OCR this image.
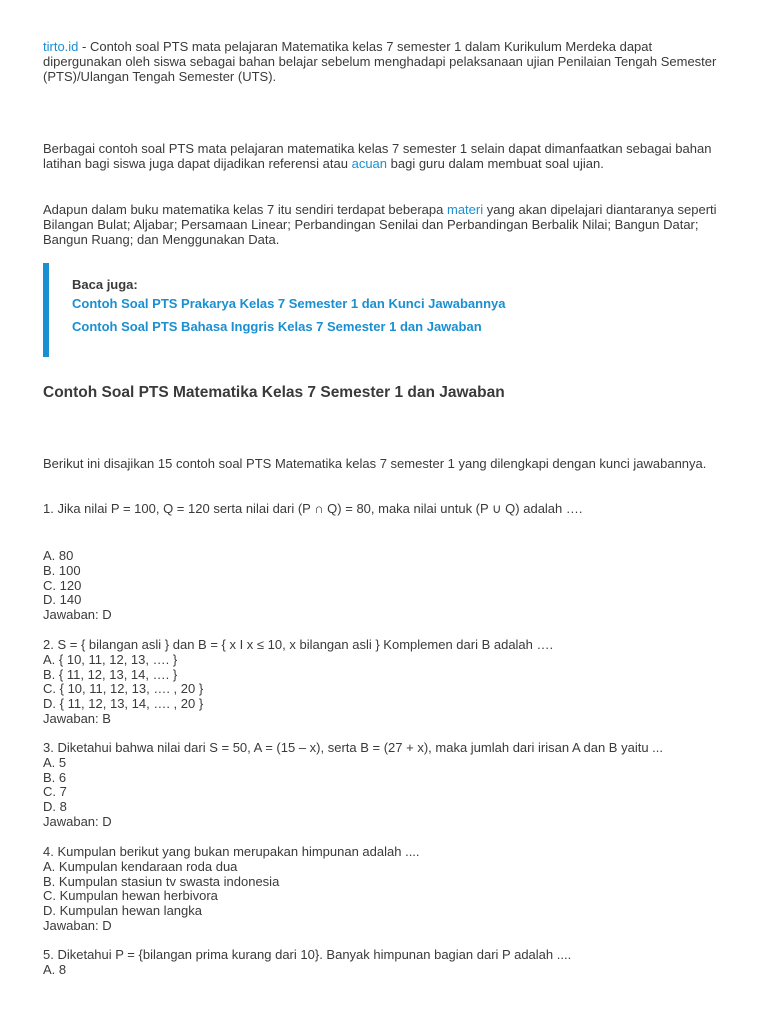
tirto.id - Contoh soal PTS mata pelajaran Matematika kelas 7 semester 1 dalam Kurikulum Merdeka dapat dipergunakan oleh siswa sebagai bahan belajar sebelum menghadapi pelaksanaan ujian Penilaian Tengah Semester (PTS)/Ulangan Tengah Semester (UTS).

Berbagai contoh soal PTS mata pelajaran matematika kelas 7 semester 1 selain dapat dimanfaatkan sebagai bahan latihan bagi siswa juga dapat dijadikan referensi atau acuan bagi guru dalam membuat soal ujian.

Adapun dalam buku matematika kelas 7 itu sendiri terdapat beberapa materi yang akan dipelajari diantaranya seperti Bilangan Bulat; Aljabar; Persamaan Linear; Perbandingan Senilai dan Perbandingan Berbalik Nilai; Bangun Datar; Bangun Ruang; dan Menggunakan Data.

Baca juga:
Contoh Soal PTS Prakarya Kelas 7 Semester 1 dan Kunci Jawabannya
Contoh Soal PTS Bahasa Inggris Kelas 7 Semester 1 dan Jawaban
Contoh Soal PTS Matematika Kelas 7 Semester 1 dan Jawaban

Berikut ini disajikan 15 contoh soal PTS Matematika kelas 7 semester 1 yang dilengkapi dengan kunci jawabannya.

1. Jika nilai P = 100, Q = 120 serta nilai dari (P ∩ Q) = 80, maka nilai untuk (P ∪ Q) adalah ….
A. 80
B. 100
C. 120
D. 140
Jawaban: D
2. S = { bilangan asli } dan B = { x I x ≤ 10, x bilangan asli } Komplemen dari B adalah ….
A. { 10, 11, 12, 13, …. }
B. { 11, 12, 13, 14, …. }
C. { 10, 11, 12, 13, …. , 20 }
D. { 11, 12, 13, 14, …. , 20 }
Jawaban: B
3. Diketahui bahwa nilai dari S = 50, A = (15 – x), serta B = (27 + x), maka jumlah dari irisan A dan B yaitu ...
A. 5
B. 6
C. 7
D. 8
Jawaban: D
4. Kumpulan berikut yang bukan merupakan himpunan adalah ....
A. Kumpulan kendaraan roda dua
B. Kumpulan stasiun tv swasta indonesia
C. Kumpulan hewan herbivora
D. Kumpulan hewan langka
Jawaban: D
5. Diketahui P = {bilangan prima kurang dari 10}. Banyak himpunan bagian dari P adalah ....
A. 8
